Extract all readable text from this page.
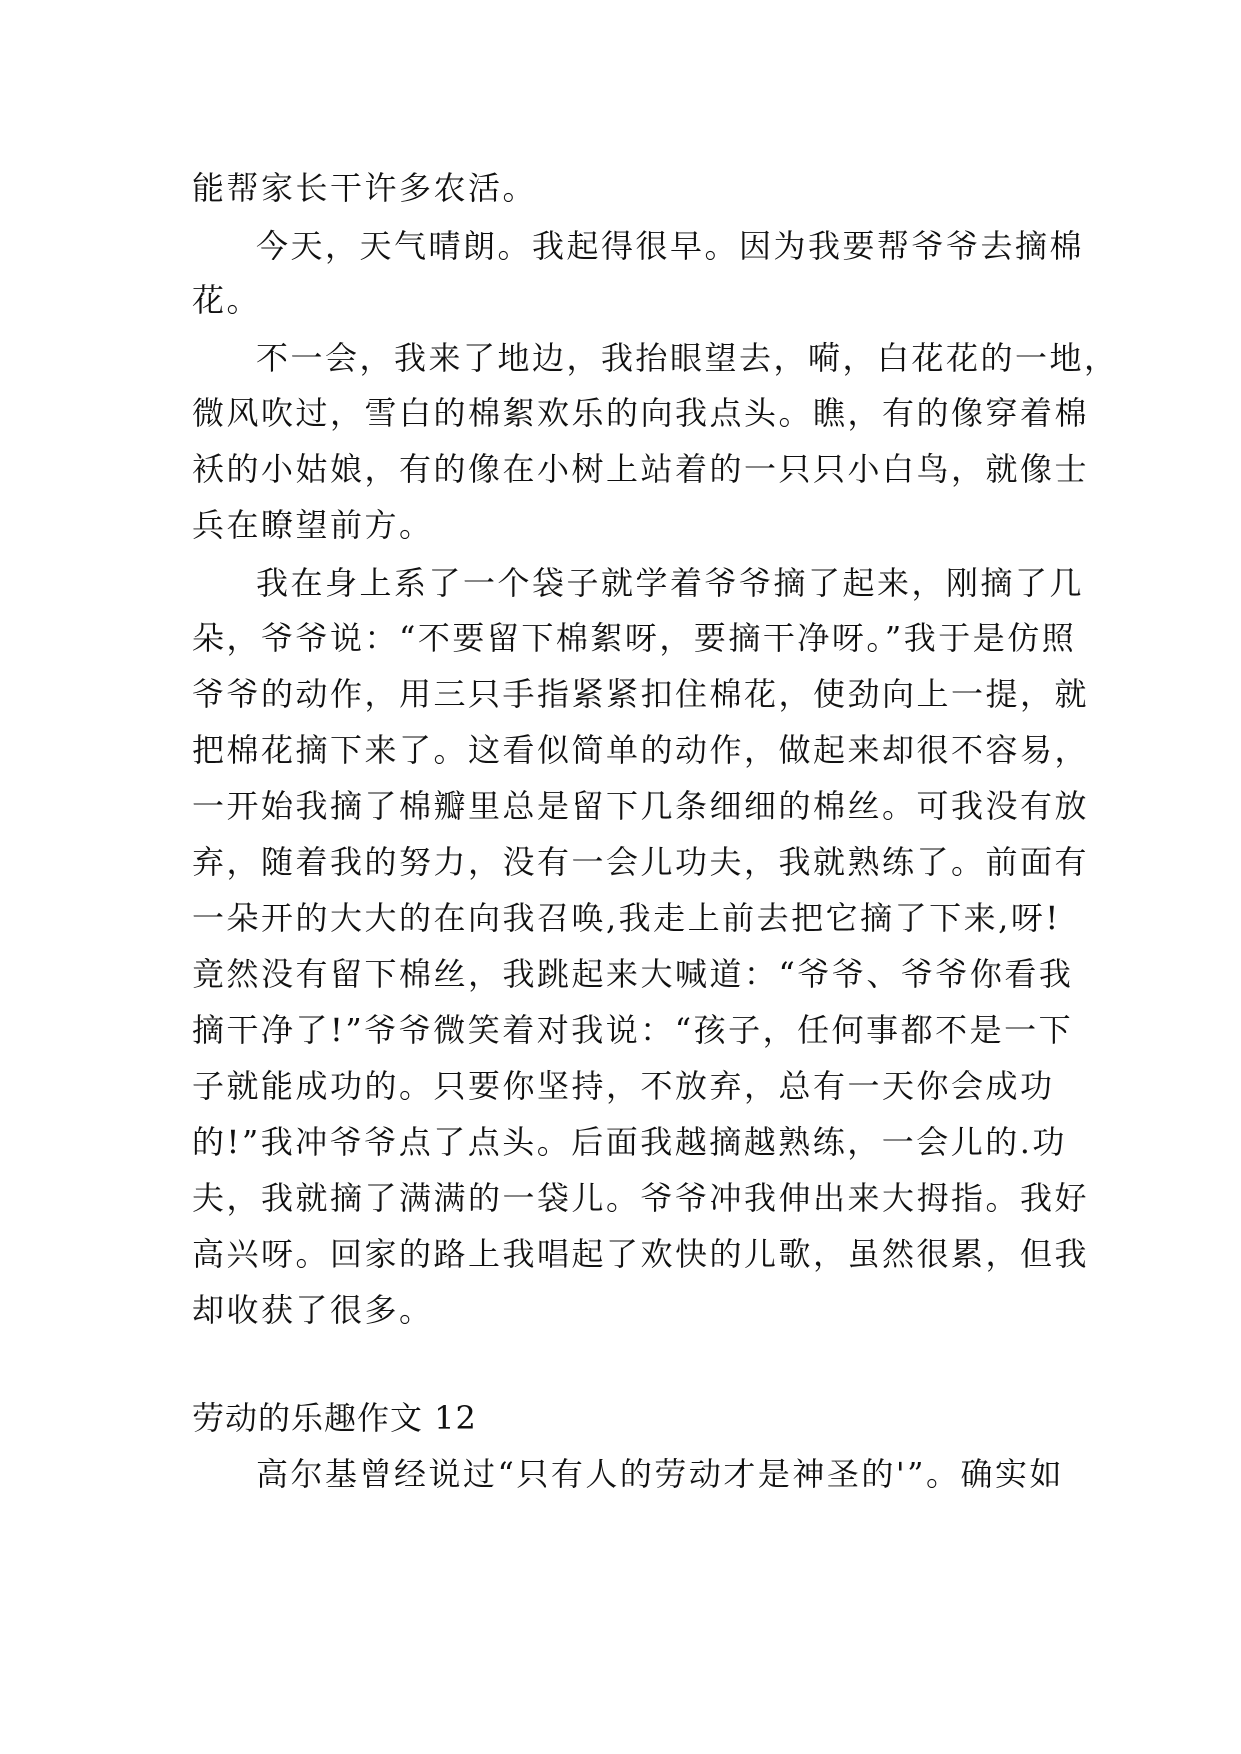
能帮家长干许多农活。
今天，天气晴朗。我起得很早。因为我要帮爷爷去摘棉
花。
不一会，我来了地边，我抬眼望去，嗬，白花花的一地，
微风吹过，雪白的棉絮欢乐的向我点头。瞧，有的像穿着棉
袄的小姑娘，有的像在小树上站着的一只只小白鸟，就像士
兵在瞭望前方。
我在身上系了一个袋子就学着爷爷摘了起来，刚摘了几
朵，爷爷说：“不要留下棉絮呀，要摘干净呀。”我于是仿照
爷爷的动作，用三只手指紧紧扣住棉花，使劲向上一提，就
把棉花摘下来了。这看似简单的动作，做起来却很不容易，
一开始我摘了棉瓣里总是留下几条细细的棉丝。可我没有放
弃，随着我的努力，没有一会儿功夫，我就熟练了。前面有
一朵开的大大的在向我召唤,我走上前去把它摘了下来,呀!
竟然没有留下棉丝，我跳起来大喊道：“爷爷、爷爷你看我
摘干净了!”爷爷微笑着对我说：“孩子，任何事都不是一下
子就能成功的。只要你坚持，不放弃，总有一天你会成功
的!”我冲爷爷点了点头。后面我越摘越熟练，一会儿的.功
夫，我就摘了满满的一袋儿。爷爷冲我伸出来大拇指。我好
高兴呀。回家的路上我唱起了欢快的儿歌，虽然很累，但我
却收获了很多。
劳动的乐趣作文 12
高尔基曾经说过“只有人的劳动才是神圣的'”。确实如
